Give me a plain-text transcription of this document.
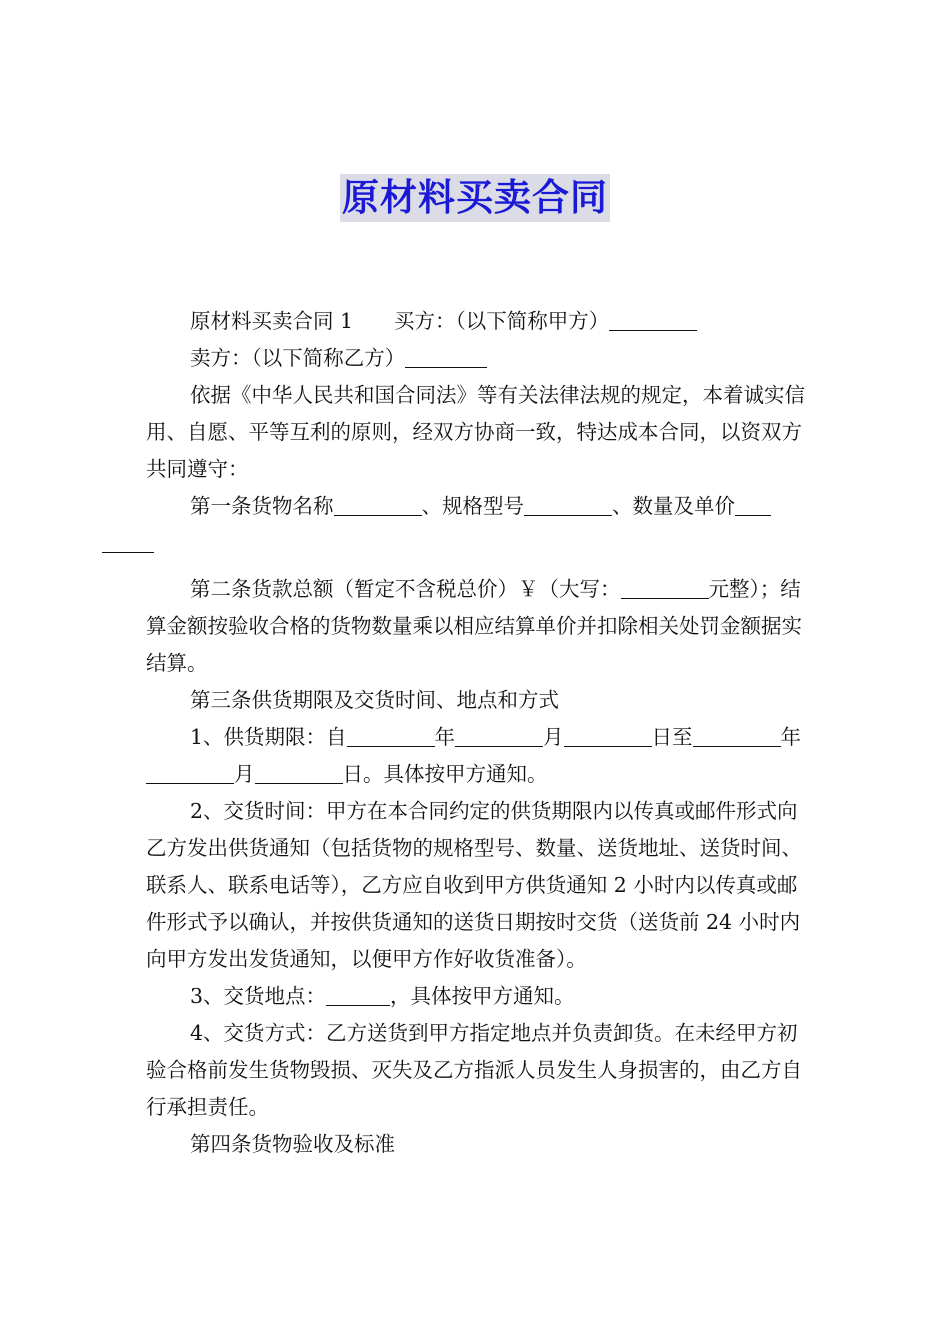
原材料买卖合同

原材料买卖合同 1　　买方：（以下简称甲方）

卖方：（以下简称乙方）

依据《中华人民共和国合同法》等有关法律法规的规定，本着诚实信用、自愿、平等互利的原则，经双方协商一致，特达成本合同，以资双方共同遵守：

第一条货物名称	、规格型号	、数量及单价

第二条货款总额（暂定不含税总价）￥（大写：	元整）；结算金额按验收合格的货物数量乘以相应结算单价并扣除相关处罚金额据实结算。

第三条供货期限及交货时间、地点和方式

1、供货期限：自	年	月	日至	年月	日。具体按甲方通知。

2、交货时间：甲方在本合同约定的供货期限内以传真或邮件形式向乙方发出供货通知（包括货物的规格型号、数量、送货地址、送货时间、联系人、联系电话等），乙方应自收到甲方供货通知 2 小时内以传真或邮件形式予以确认，并按供货通知的送货日期按时交货（送货前 24 小时内向甲方发出发货通知，以便甲方作好收货准备）。

3、交货地点：	，具体按甲方通知。

4、交货方式：乙方送货到甲方指定地点并负责卸货。在未经甲方初验合格前发生货物毁损、灭失及乙方指派人员发生人身损害的，由乙方自行承担责任。

第四条货物验收及标准
